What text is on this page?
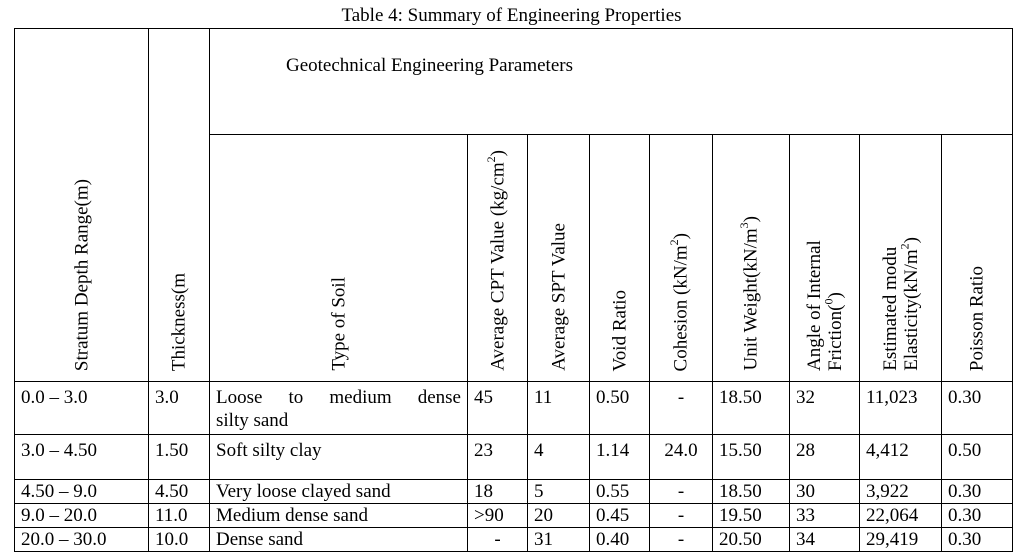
Table 4: Summary of Engineering Properties
Stratum Depth Range(m)	Thickness(m	Geotechnical Engineering Parameters								

		Type of Soil	Average CPT Value $(kg/cm^2)$	Average SPT Value	Void Ratio	Cohesion $(kN/m^2)$	Unit $Weight(kN/m^3)$	Angle of Internal Friction($^0$)	Estimated modu
$Elasticity(kN/m^2)$	Poisson Ratio

0.0 – 3.0	3.0	Loose to medium dense
silty sand	45	11	0.50	-	18.50	32	11,023	0.30
3.0 – 4.50	1.50	Soft silty clay	23	4	1.14	24.0	15.50	28	4,412	0.50
4.50 – 9.0	4.50	Very loose clayed sand	18	5	0.55	-	18.50	30	3,922	0.30
9.0 – 20.0	11.0	Medium dense sand	>90	20	0.45	-	19.50	33	22,064	0.30
20.0 – 30.0	10.0	Dense sand	-	31	0.40	-	20.50	34	29,419	0.30
